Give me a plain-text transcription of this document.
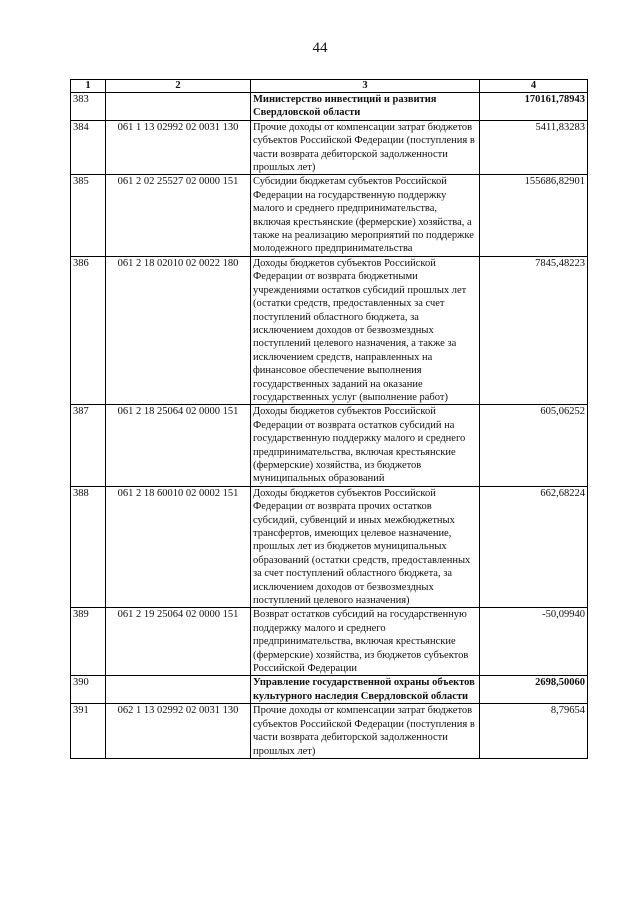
44
1	2	3	4
383		Министерство инвестиций и развития Свердловской области	170161,78943
384	061 1 13 02992 02 0031 130	Прочие доходы от компенсации затрат бюджетов субъектов Российской Федерации (поступления в части возврата дебиторской задолженности прошлых лет)	5411,83283
385	061 2 02 25527 02 0000 151	Субсидии бюджетам субъектов Российской Федерации на государственную поддержку малого и среднего предпринимательства, включая крестьянские (фермерские) хозяйства, а также на реализацию мероприятий по поддержке молодежного предпринимательства	155686,82901
386	061 2 18 02010 02 0022 180	Доходы бюджетов субъектов Российской Федерации от возврата бюджетными учреждениями остатков субсидий прошлых лет (остатки средств, предоставленных за счет поступлений областного бюджета, за исключением доходов от безвозмездных поступлений целевого назначения, а также за исключением средств, направленных на финансовое обеспечение выполнения государственных заданий на оказание государственных услуг (выполнение работ)	7845,48223
387	061 2 18 25064 02 0000 151	Доходы бюджетов субъектов Российской Федерации от возврата остатков субсидий на государственную поддержку малого и среднего предпринимательства, включая крестьянские (фермерские) хозяйства, из бюджетов муниципальных образований	605,06252
388	061 2 18 60010 02 0002 151	Доходы бюджетов субъектов Российской Федерации от возврата прочих остатков субсидий, субвенций и иных межбюджетных трансфертов, имеющих целевое назначение, прошлых лет из бюджетов муниципальных образований (остатки средств, предоставленных за счет поступлений областного бюджета, за исключением доходов от безвозмездных поступлений целевого назначения)	662,68224
389	061 2 19 25064 02 0000 151	Возврат остатков субсидий на государственную поддержку малого и среднего предпринимательства, включая крестьянские (фермерские) хозяйства, из бюджетов субъектов Российской Федерации	-50,09940
390		Управление государственной охраны объектов культурного наследия Свердловской области	2698,50060
391	062 1 13 02992 02 0031 130	Прочие доходы от компенсации затрат бюджетов субъектов Российской Федерации (поступления в части возврата дебиторской задолженности прошлых лет)	8,79654
